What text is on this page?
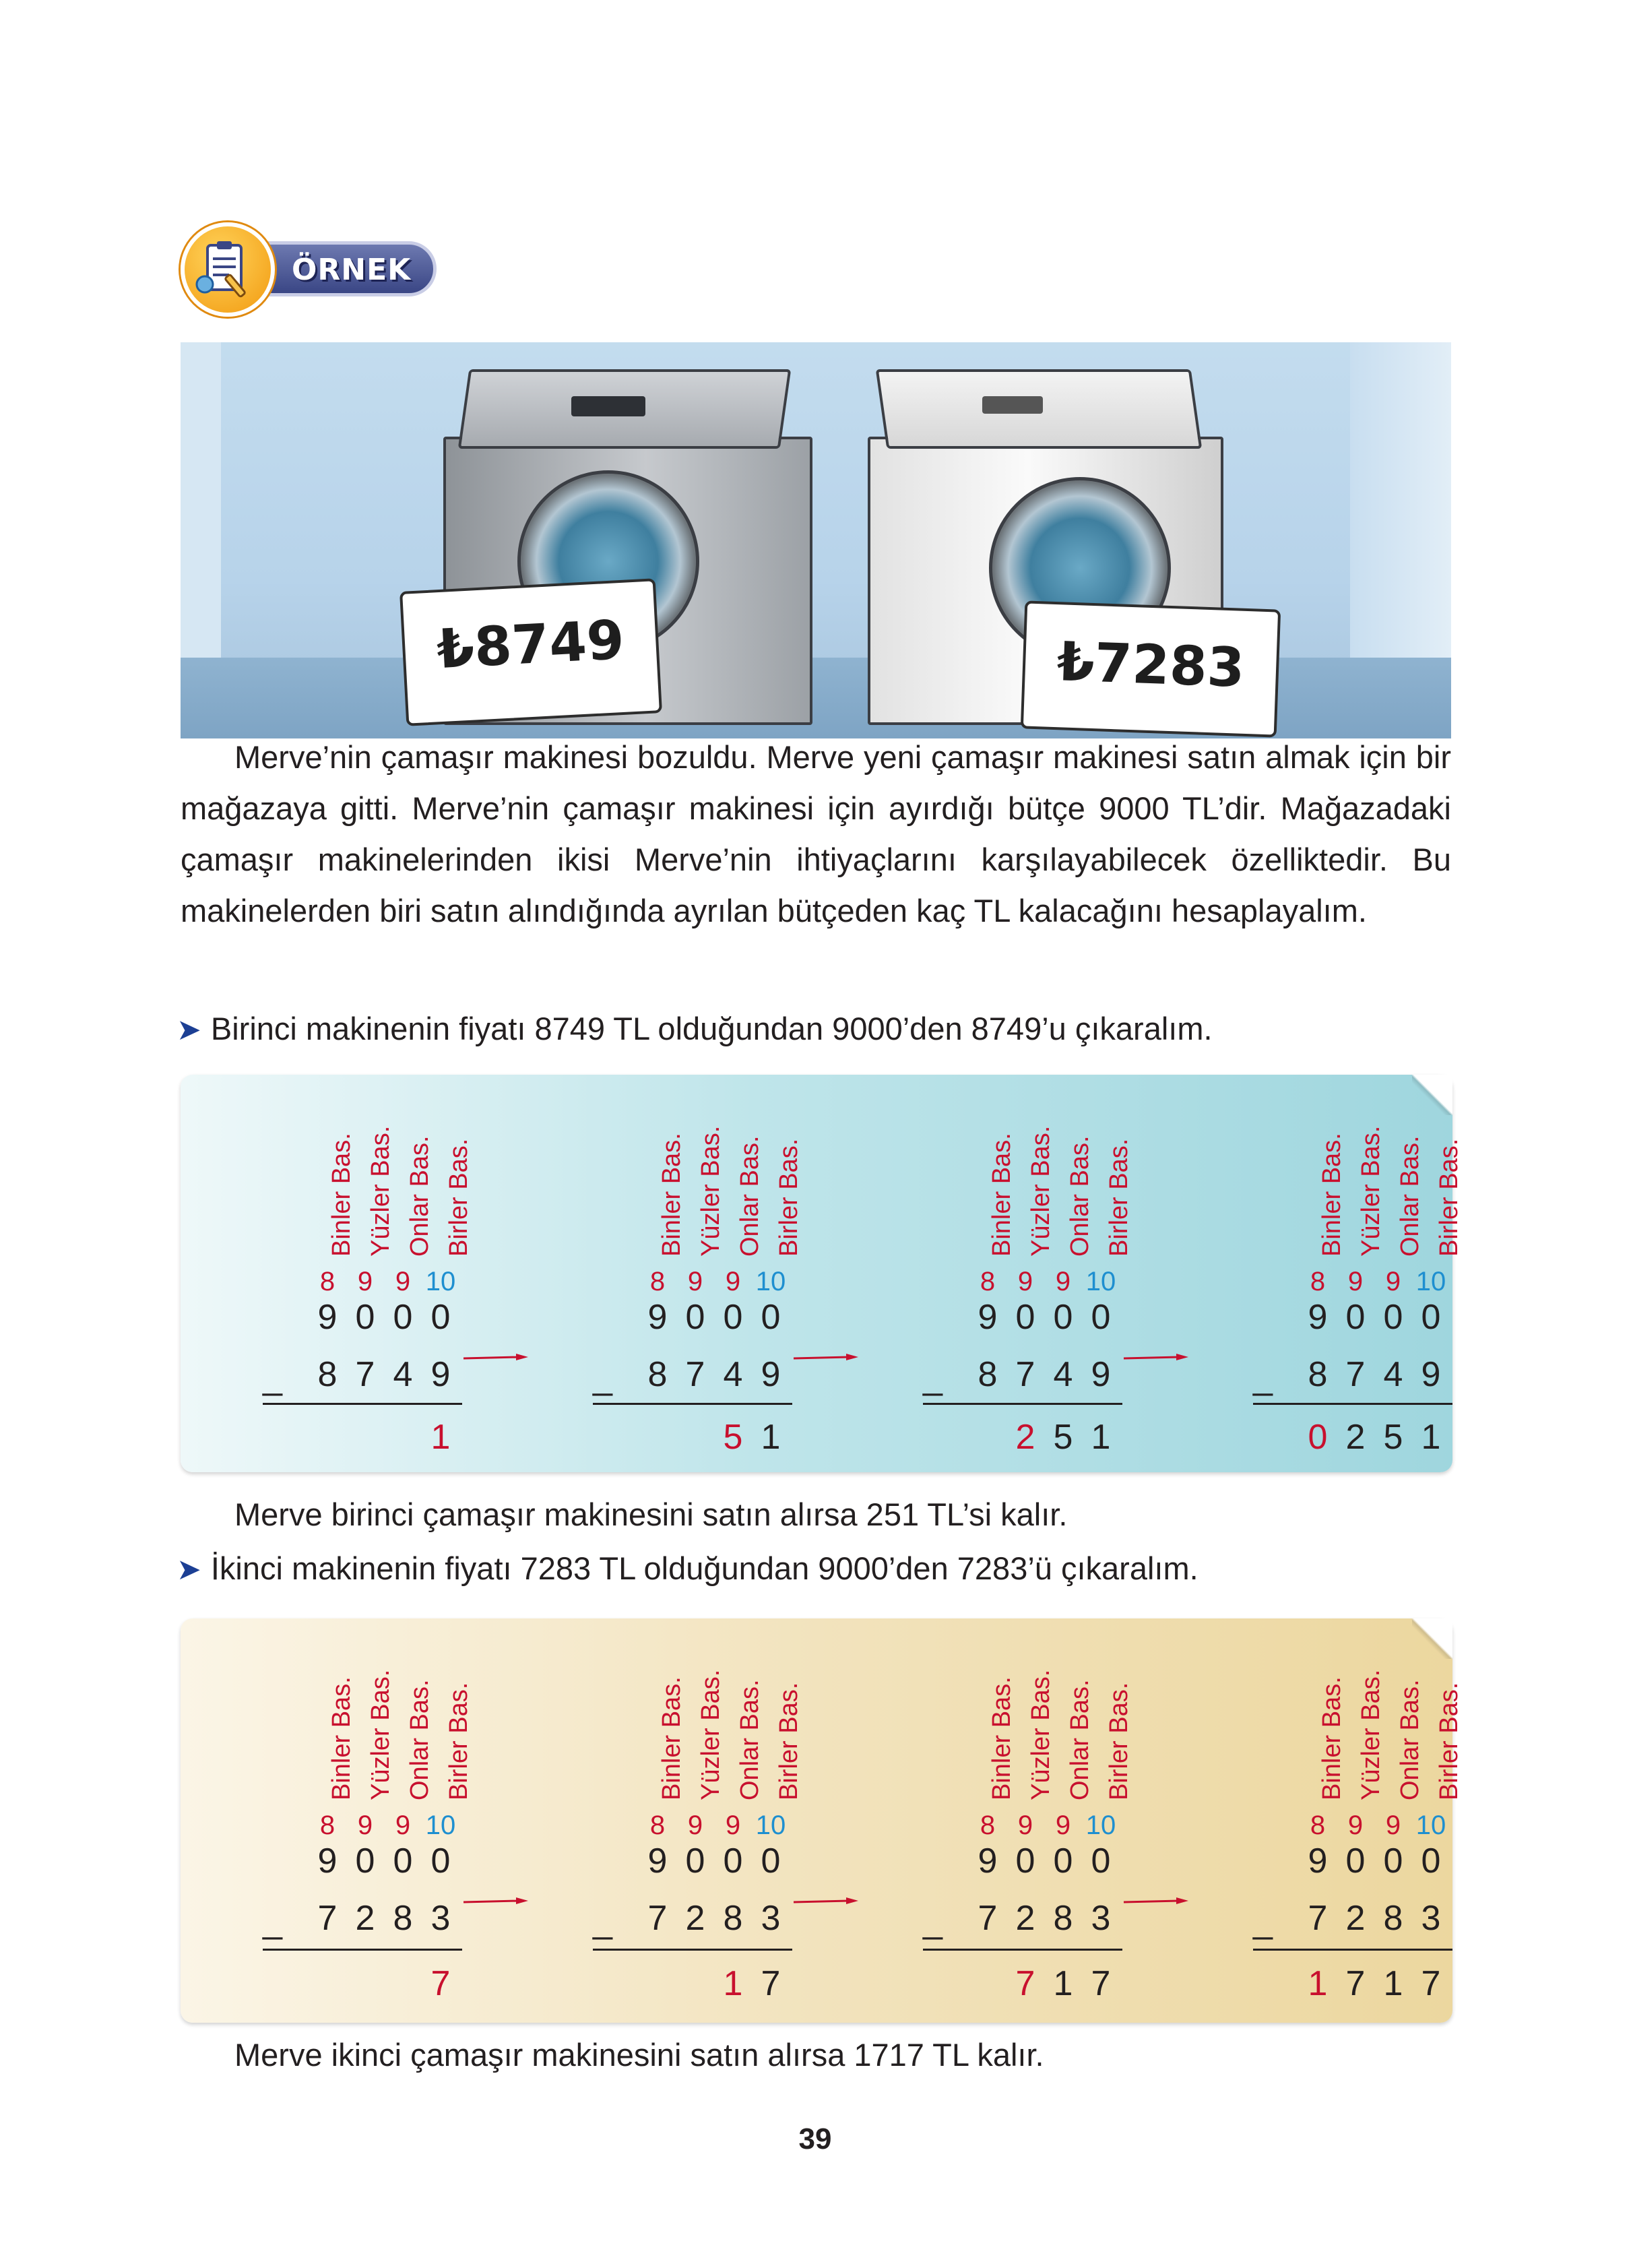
ÖRNEK
₺8749	₺7283
Merve’nin çamaşır makinesi bozuldu. Merve yeni çamaşır makinesi satın almak için bir mağazaya gitti. Merve’nin çamaşır makinesi için ayırdığı bütçe 9000 TL’dir. Mağazadaki çamaşır makinelerinden ikisi Merve’nin ihtiyaçlarını karşılayabilecek özelliktedir. Bu makinelerden biri satın alındığında ayrılan bütçeden kaç TL kalacağını hesaplayalım.
➤ Birinci makinenin fiyatı 8749 TL olduğundan 9000’den 8749’u çıkaralım.
Binler Bas. Yüzler Bas. Onlar Bas. Birler Bas.
8 9 9 10
9 0 0 0
_ 8 7 4 9
1
Binler Bas. Yüzler Bas. Onlar Bas. Birler Bas.
8 9 9 10
9 0 0 0
_ 8 7 4 9
5 1
Binler Bas. Yüzler Bas. Onlar Bas. Birler Bas.
8 9 9 10
9 0 0 0
_ 8 7 4 9
2 5 1
Binler Bas. Yüzler Bas. Onlar Bas. Birler Bas.
8 9 9 10
9 0 0 0
_ 8 7 4 9
0 2 5 1
Merve birinci çamaşır makinesini satın alırsa 251 TL’si kalır.
➤ İkinci makinenin fiyatı 7283 TL olduğundan 9000’den 7283’ü çıkaralım.
Binler Bas. Yüzler Bas. Onlar Bas. Birler Bas.
8 9 9 10
9 0 0 0
_ 7 2 8 3
7
Binler Bas. Yüzler Bas. Onlar Bas. Birler Bas.
8 9 9 10
9 0 0 0
_ 7 2 8 3
1 7
Binler Bas. Yüzler Bas. Onlar Bas. Birler Bas.
8 9 9 10
9 0 0 0
_ 7 2 8 3
7 1 7
Binler Bas. Yüzler Bas. Onlar Bas. Birler Bas.
8 9 9 10
9 0 0 0
_ 7 2 8 3
1 7 1 7
Merve ikinci çamaşır makinesini satın alırsa 1717 TL kalır.
39
